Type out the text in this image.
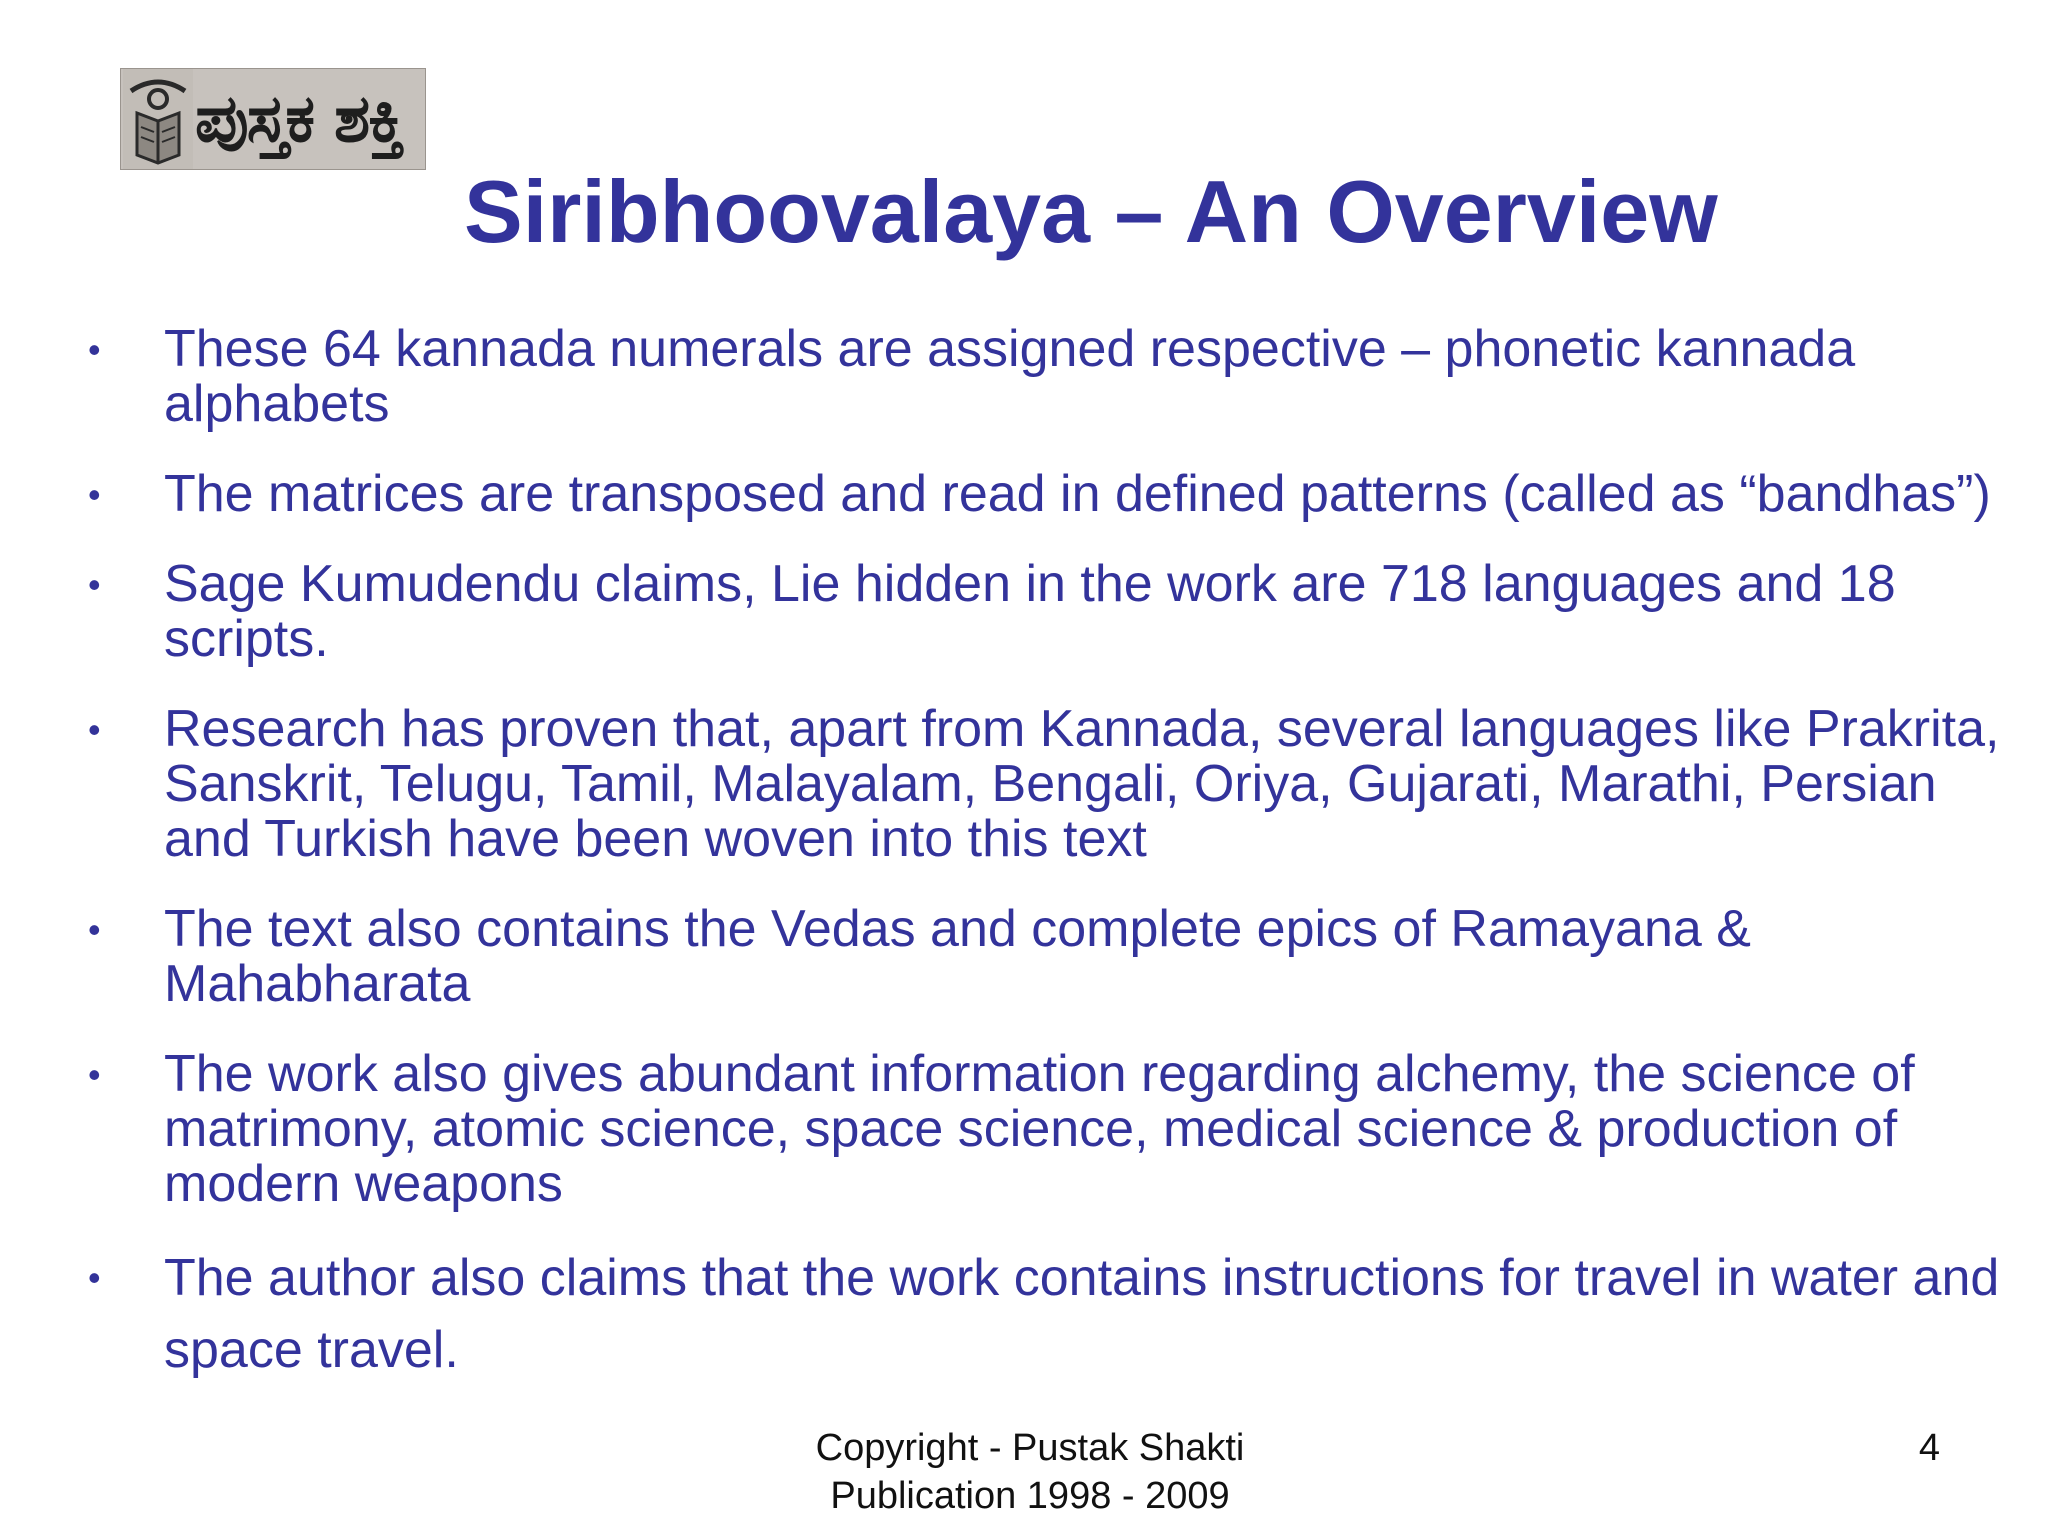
ಪುಸ್ತಕ ಶಕ್ತಿ
Siribhoovalaya – An Overview
• These 64 kannada numerals are assigned respective – phonetic kannada alphabets
• The matrices are transposed and read in defined patterns (called as “bandhas”)
• Sage Kumudendu claims, Lie hidden in the work are 718 languages and 18 scripts.
• Research has proven that, apart from Kannada, several languages like Prakrita, Sanskrit, Telugu, Tamil, Malayalam, Bengali, Oriya, Gujarati, Marathi, Persian and Turkish have been woven into this text
• The text also contains the Vedas and complete epics of Ramayana & Mahabharata
• The work also gives abundant information regarding alchemy, the science of matrimony, atomic science, space science, medical science & production of modern weapons
• The author also claims that the work contains instructions for travel in water and space travel.
Copyright - Pustak Shakti
Publication 1998 - 2009
4
